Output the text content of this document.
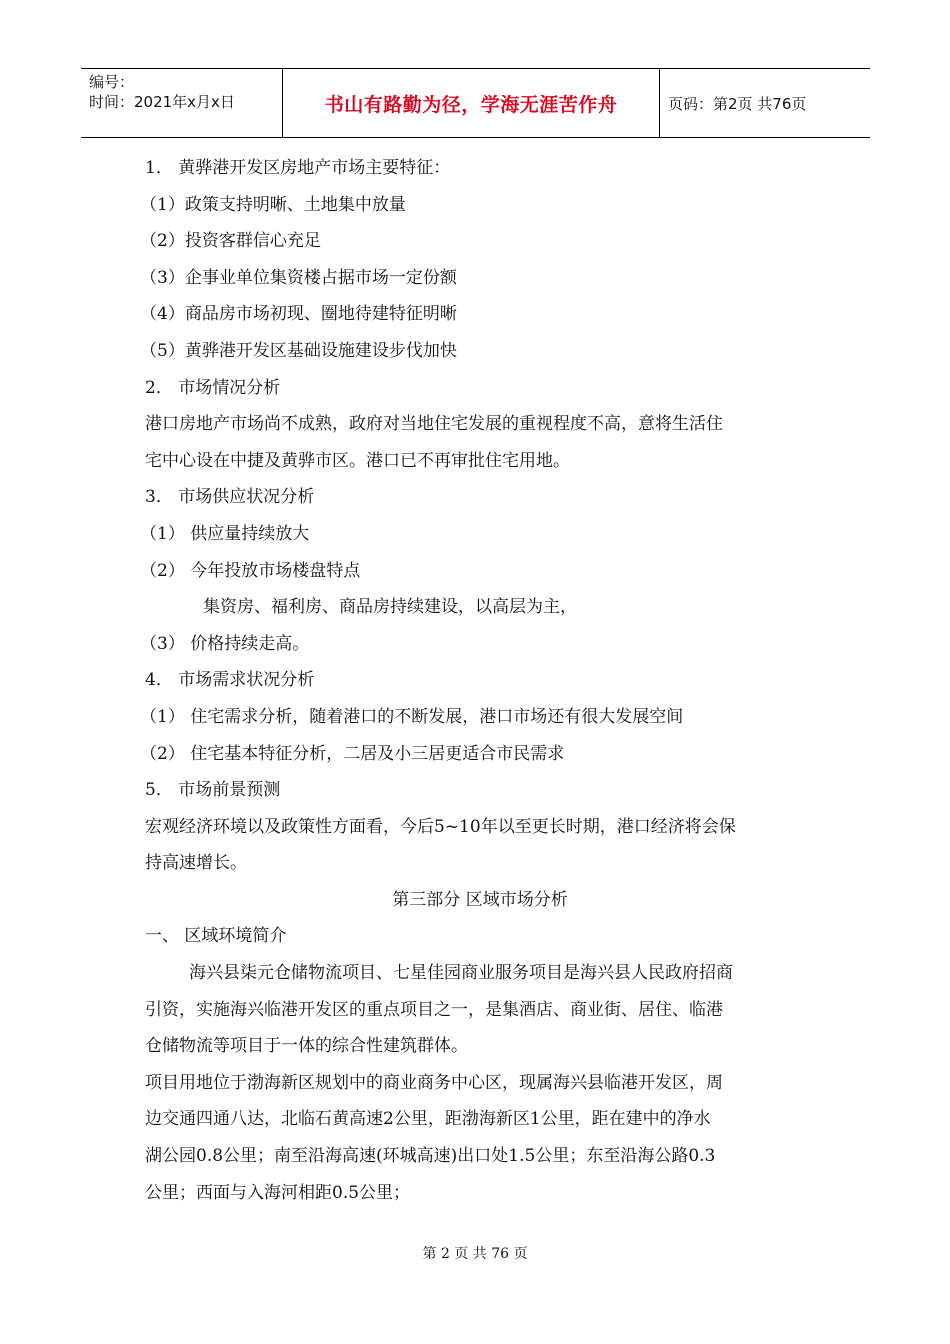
编号：
时间：2021年x月x日	书山有路勤为径，学海无涯苦作舟	页码：第2页 共76页
1． 黄骅港开发区房地产市场主要特征：
（1）政策支持明晰、土地集中放量
（2）投资客群信心充足
（3）企事业单位集资楼占据市场一定份额
（4）商品房市场初现、圈地待建特征明晰
（5）黄骅港开发区基础设施建设步伐加快
2． 市场情况分析
港口房地产市场尚不成熟，政府对当地住宅发展的重视程度不高，意将生活住
宅中心设在中捷及黄骅市区。港口已不再审批住宅用地。
3． 市场供应状况分析
（1） 供应量持续放大
（2） 今年投放市场楼盘特点
集资房、福利房、商品房持续建设，以高层为主，
（3） 价格持续走高。
4． 市场需求状况分析
（1） 住宅需求分析，随着港口的不断发展，港口市场还有很大发展空间
（2） 住宅基本特征分析，二居及小三居更适合市民需求
5． 市场前景预测
宏观经济环境以及政策性方面看，今后5~10年以至更长时期，港口经济将会保
持高速增长。
第三部分 区域市场分析
一、 区域环境简介
海兴县柒元仓储物流项目、七星佳园商业服务项目是海兴县人民政府招商
引资，实施海兴临港开发区的重点项目之一，是集酒店、商业街、居住、临港
仓储物流等项目于一体的综合性建筑群体。
项目用地位于渤海新区规划中的商业商务中心区，现属海兴县临港开发区，周
边交通四通八达，北临石黄高速2公里，距渤海新区1公里，距在建中的净水
湖公园0.8公里；南至沿海高速(环城高速)出口处1.5公里；东至沿海公路0.3
公里；西面与入海河相距0.5公里；
第 2 页 共 76 页
